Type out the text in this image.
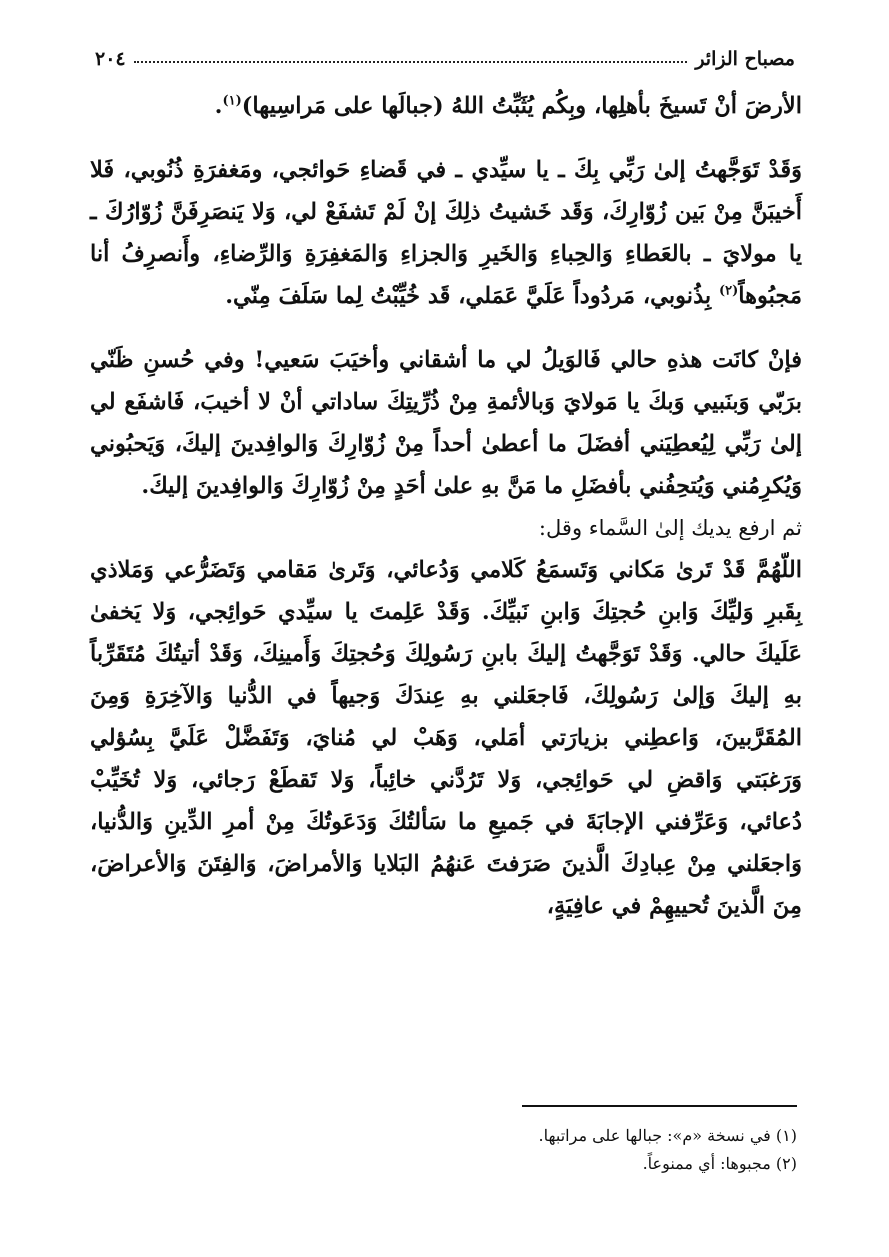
٢٠٤	مصباح الزائر

الأرضَ أنْ تَسيخَ بأهلِها، وبِكُم يُثَبِّتُ اللهُ (جبالَها على مَراسِيها)$^{(١)}$.

وَقَدْ تَوَجَّهتُ إلىٰ رَبِّي بِكَ ـ يا سيِّدي ـ في قَضاءِ حَوائجي، ومَغفرَةِ ذُنُوبي، فَلا أَخيبَنَّ مِنْ بَين زُوّارِكَ، وَقَد خَشيتُ ذلِكَ إنْ لَمْ تَشفَعْ لي، وَلا يَنصَرِفَنَّ زُوّارُكَ ـ يا مولايَ ـ بالعَطاءِ وَالحِباءِ وَالخَيرِ وَالجزاءِ وَالمَغفِرَةِ وَالرِّضاءِ، وأَنصرِفُ أنا مَجبُوهاً$^{(٢)}$ بِذُنوبي، مَردُوداً عَلَيَّ عَمَلي، قَد خُيِّبْتُ لِما سَلَفَ مِنّي.

فإنْ كانَت هذهِ حالي فَالوَيلُ لي ما أشقاني وأخيَبَ سَعيي! وفي حُسنِ ظَنّي برَبّي وَبنَبيي وَبكَ يا مَولايَ وَبالأئمةِ مِنْ ذُرِّيتِكَ ساداتي أنْ لا أخيبَ، فَاشفَع لي إلىٰ رَبِّي لِيُعطِيَني أفضَلَ ما أعطىٰ أحداً مِنْ زُوّارِكَ وَالوافِدينَ إليكَ، وَيَحبُوني وَيُكرِمُني وَيُتحِفُني بأفضَلِ ما مَنَّ بهِ علىٰ أحَدٍ مِنْ زُوّارِكَ وَالوافِدينَ إليكَ.

ثم ارفع يديك إلىٰ السَّماء وقل:

اللّهُمَّ قَدْ تَرىٰ مَكاني وَتَسمَعُ كَلامي وَدُعائي، وَتَرىٰ مَقامي وَتَضَرُّعي وَمَلاذي بِقَبرِ وَليِّكَ وَابنِ حُجتِكَ وَابنِ نَبيِّكَ. وَقَدْ عَلِمتَ يا سيِّدي حَوائِجي، وَلا يَخفىٰ عَلَيكَ حالي. وَقَدْ تَوَجَّهتُ إليكَ بابنِ رَسُولِكَ وَحُجتِكَ وَأَمينِكَ، وَقَدْ أتيتُكَ مُتَقَرِّباً بهِ إليكَ وَإلىٰ رَسُولِكَ، فَاجعَلني بهِ عِندَكَ وَجيهاً في الدُّنيا وَالآخِرَةِ وَمِنَ المُقَرَّبينَ، وَاعطِني بزيارَتي أمَلي، وَهَبْ لي مُنايَ، وَتَفَضَّلْ عَلَيَّ بِسُؤلي وَرَغبَتي وَاقضِ لي حَوائِجي، وَلا تَرُدَّني خائِباً، وَلا تَقطَعْ رَجائي، وَلا تُخَيِّبْ دُعائي، وَعَرِّفني الإجابَةَ في جَميعِ ما سَألتُكَ وَدَعَوتُكَ مِنْ أمرِ الدِّينِ وَالدُّنيا، وَاجعَلني مِنْ عِبادِكَ الَّذينَ صَرَفتَ عَنهُمُ البَلايا وَالأمراضَ، وَالفِتَنَ وَالأعراضَ، مِنَ الَّذينَ تُحييهِمْ في عافِيَةٍ،

(١) في نسخة «م»: جبالها على مراتبها.

(٢) مجبوها: أي ممنوعاً.
